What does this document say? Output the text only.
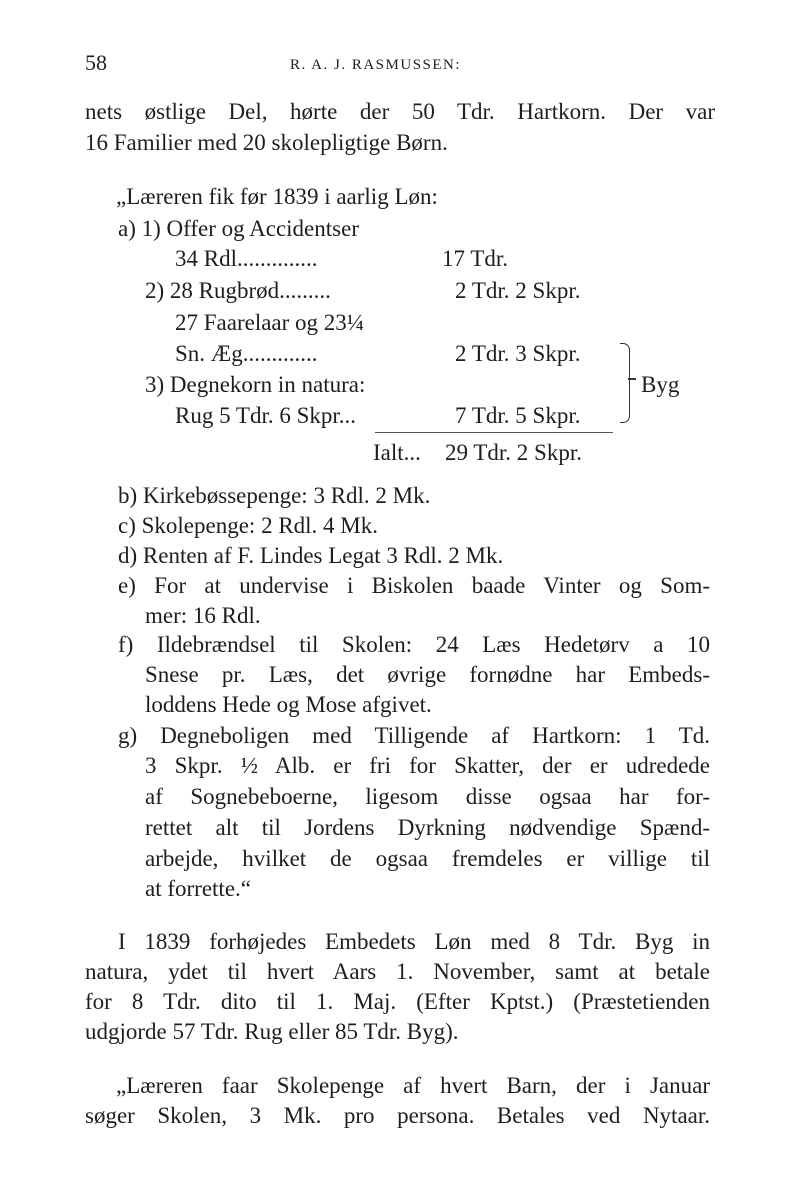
58	R. A. J. RASMUSSEN:
nets østlige Del, hørte der 50 Tdr. Hartkorn. Der var
16 Familier med 20 skolepligtige Børn.
„Læreren fik før 1839 i aarlig Løn:
a) 1) Offer og Accidentser
34 Rdl..............	17 Tdr.
2) 28 Rugbrød.........	2 Tdr. 2 Skpr.
27 Faarelaar og 23¼
Sn. Æg.............	2 Tdr. 3 Skpr.
3) Degnekorn in natura:	Byg
Rug 5 Tdr. 6 Skpr...	7 Tdr. 5 Skpr.
Ialt... 29 Tdr. 2 Skpr.
b) Kirkebøssepenge: 3 Rdl. 2 Mk.
c) Skolepenge: 2 Rdl. 4 Mk.
d) Renten af F. Lindes Legat 3 Rdl. 2 Mk.
e) For at undervise i Biskolen baade Vinter og Som-
mer: 16 Rdl.
f) Ildebrændsel til Skolen: 24 Læs Hedetørv a 10
Snese pr. Læs, det øvrige fornødne har Embeds-
loddens Hede og Mose afgivet.
g) Degneboligen med Tilligende af Hartkorn: 1 Td.
3 Skpr. ½ Alb. er fri for Skatter, der er udredede
af Sognebeboerne, ligesom disse ogsaa har for-
rettet alt til Jordens Dyrkning nødvendige Spænd-
arbejde, hvilket de ogsaa fremdeles er villige til
at forrette.“
I 1839 forhøjedes Embedets Løn med 8 Tdr. Byg in
natura, ydet til hvert Aars 1. November, samt at betale
for 8 Tdr. dito til 1. Maj. (Efter Kptst.) (Præstetienden
udgjorde 57 Tdr. Rug eller 85 Tdr. Byg).
„Læreren faar Skolepenge af hvert Barn, der i Januar
søger Skolen, 3 Mk. pro persona. Betales ved Nytaar.
